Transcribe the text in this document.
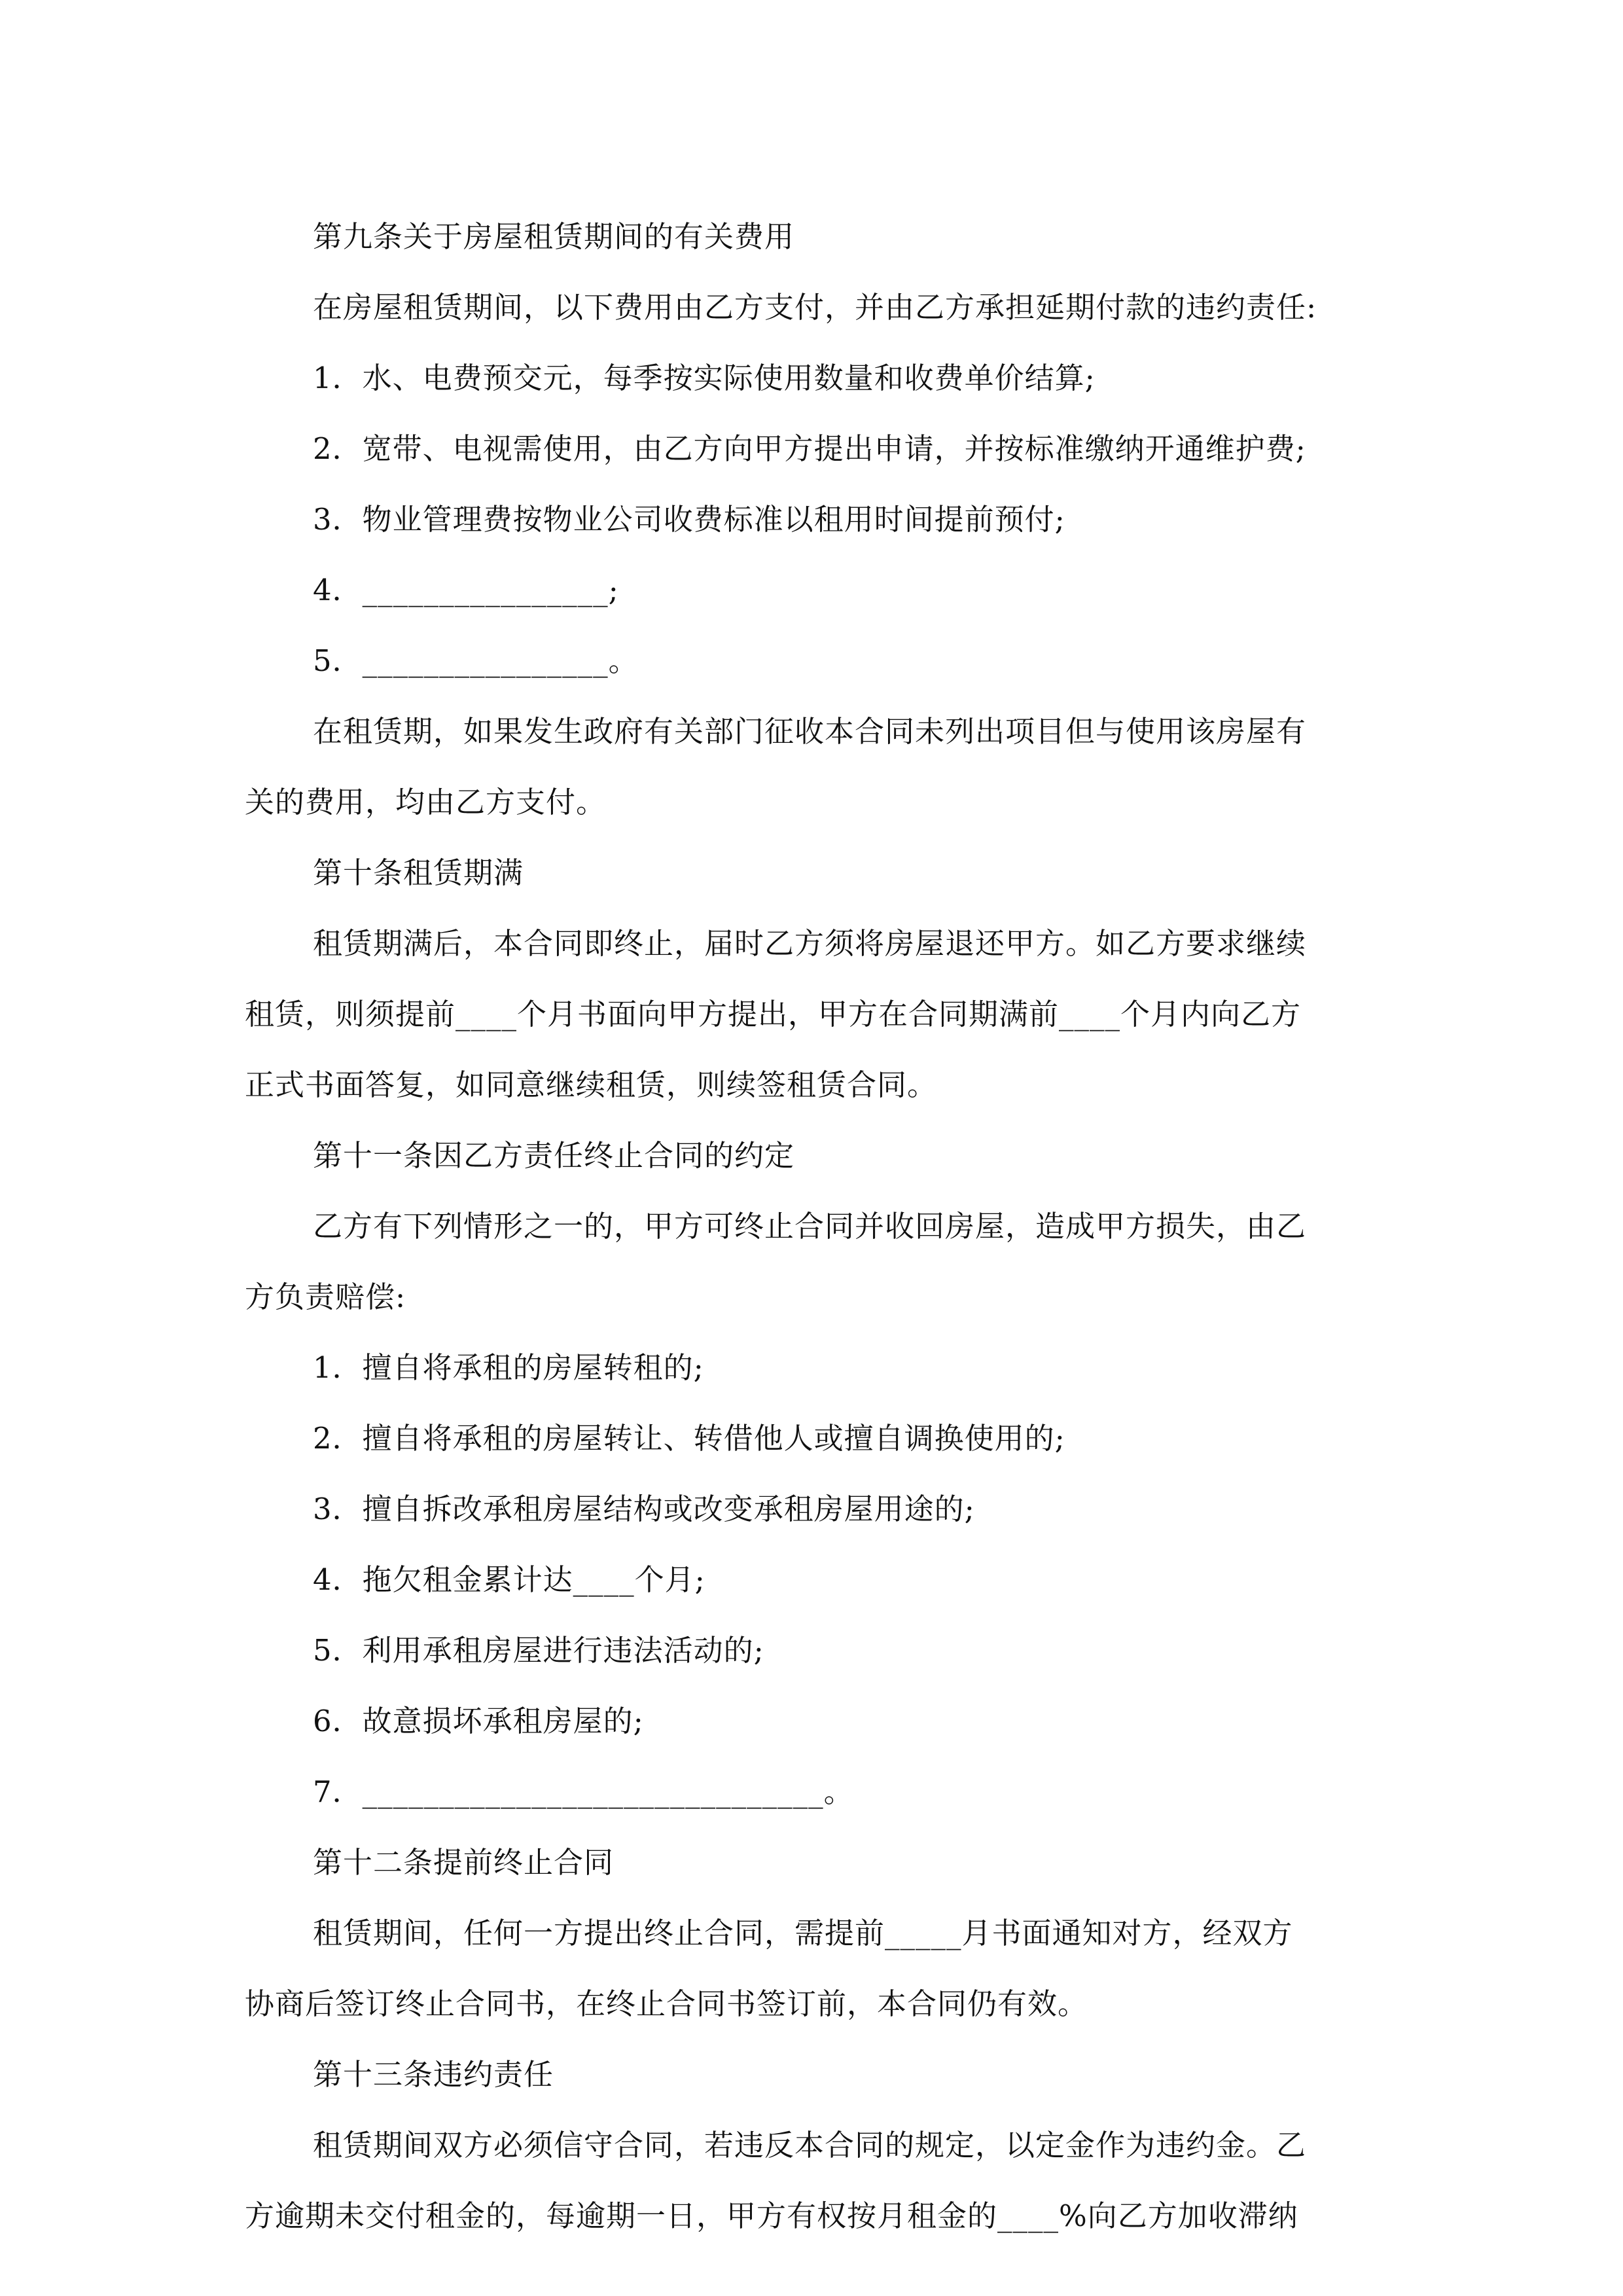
第九条关于房屋租赁期间的有关费用
在房屋租赁期间，以下费用由乙方支付，并由乙方承担延期付款的违约责任:
1．水、电费预交元，每季按实际使用数量和收费单价结算;
2．宽带、电视需使用，由乙方向甲方提出申请，并按标准缴纳开通维护费;
3．物业管理费按物业公司收费标准以租用时间提前预付;
4．________________;
5．________________。
在租赁期，如果发生政府有关部门征收本合同未列出项目但与使用该房屋有
关的费用，均由乙方支付。
第十条租赁期满
租赁期满后，本合同即终止，届时乙方须将房屋退还甲方。如乙方要求继续
租赁，则须提前____个月书面向甲方提出，甲方在合同期满前____个月内向乙方
正式书面答复，如同意继续租赁，则续签租赁合同。
第十一条因乙方责任终止合同的约定
乙方有下列情形之一的，甲方可终止合同并收回房屋，造成甲方损失，由乙
方负责赔偿:
1．擅自将承租的房屋转租的;
2．擅自将承租的房屋转让、转借他人或擅自调换使用的;
3．擅自拆改承租房屋结构或改变承租房屋用途的;
4．拖欠租金累计达____个月;
5．利用承租房屋进行违法活动的;
6．故意损坏承租房屋的;
7．______________________________。
第十二条提前终止合同
租赁期间，任何一方提出终止合同，需提前_____月书面通知对方，经双方
协商后签订终止合同书，在终止合同书签订前，本合同仍有效。
第十三条违约责任
租赁期间双方必须信守合同，若违反本合同的规定，以定金作为违约金。乙
方逾期未交付租金的，每逾期一日，甲方有权按月租金的____%向乙方加收滞纳
